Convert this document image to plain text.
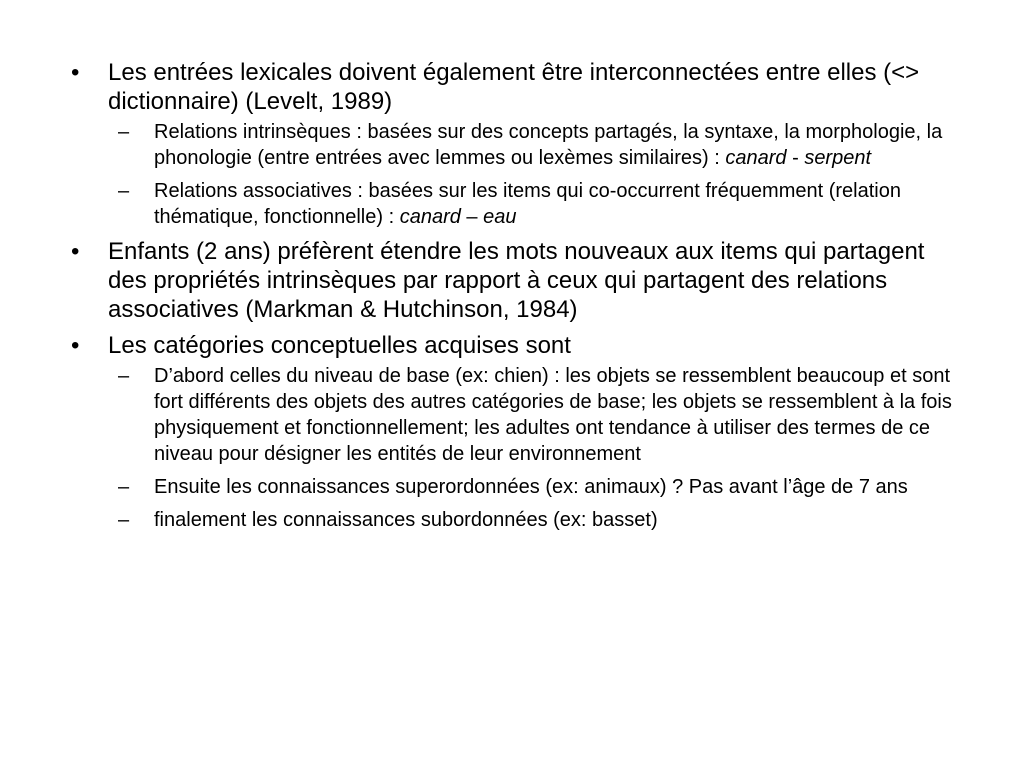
• Les entrées lexicales doivent également être interconnectées entre elles (<> dictionnaire) (Levelt, 1989)
– Relations intrinsèques : basées sur des concepts partagés, la syntaxe, la morphologie, la phonologie (entre entrées avec lemmes ou lexèmes similaires) : canard - serpent
– Relations associatives : basées sur les items qui co-occurrent fréquemment (relation thématique, fonctionnelle) : canard – eau
• Enfants (2 ans) préfèrent étendre les mots nouveaux aux items qui partagent des propriétés intrinsèques par rapport à ceux qui partagent des relations associatives (Markman & Hutchinson, 1984)
• Les catégories conceptuelles acquises sont
– D’abord celles du niveau de base (ex: chien) : les objets se ressemblent beaucoup et sont fort différents des objets des autres catégories de base; les objets se ressemblent à la fois physiquement et fonctionnellement; les adultes ont tendance à utiliser des termes de ce niveau pour désigner les entités de leur environnement
– Ensuite les connaissances superordonnées (ex: animaux) ? Pas avant l’âge de 7 ans
– finalement les connaissances subordonnées (ex: basset)
